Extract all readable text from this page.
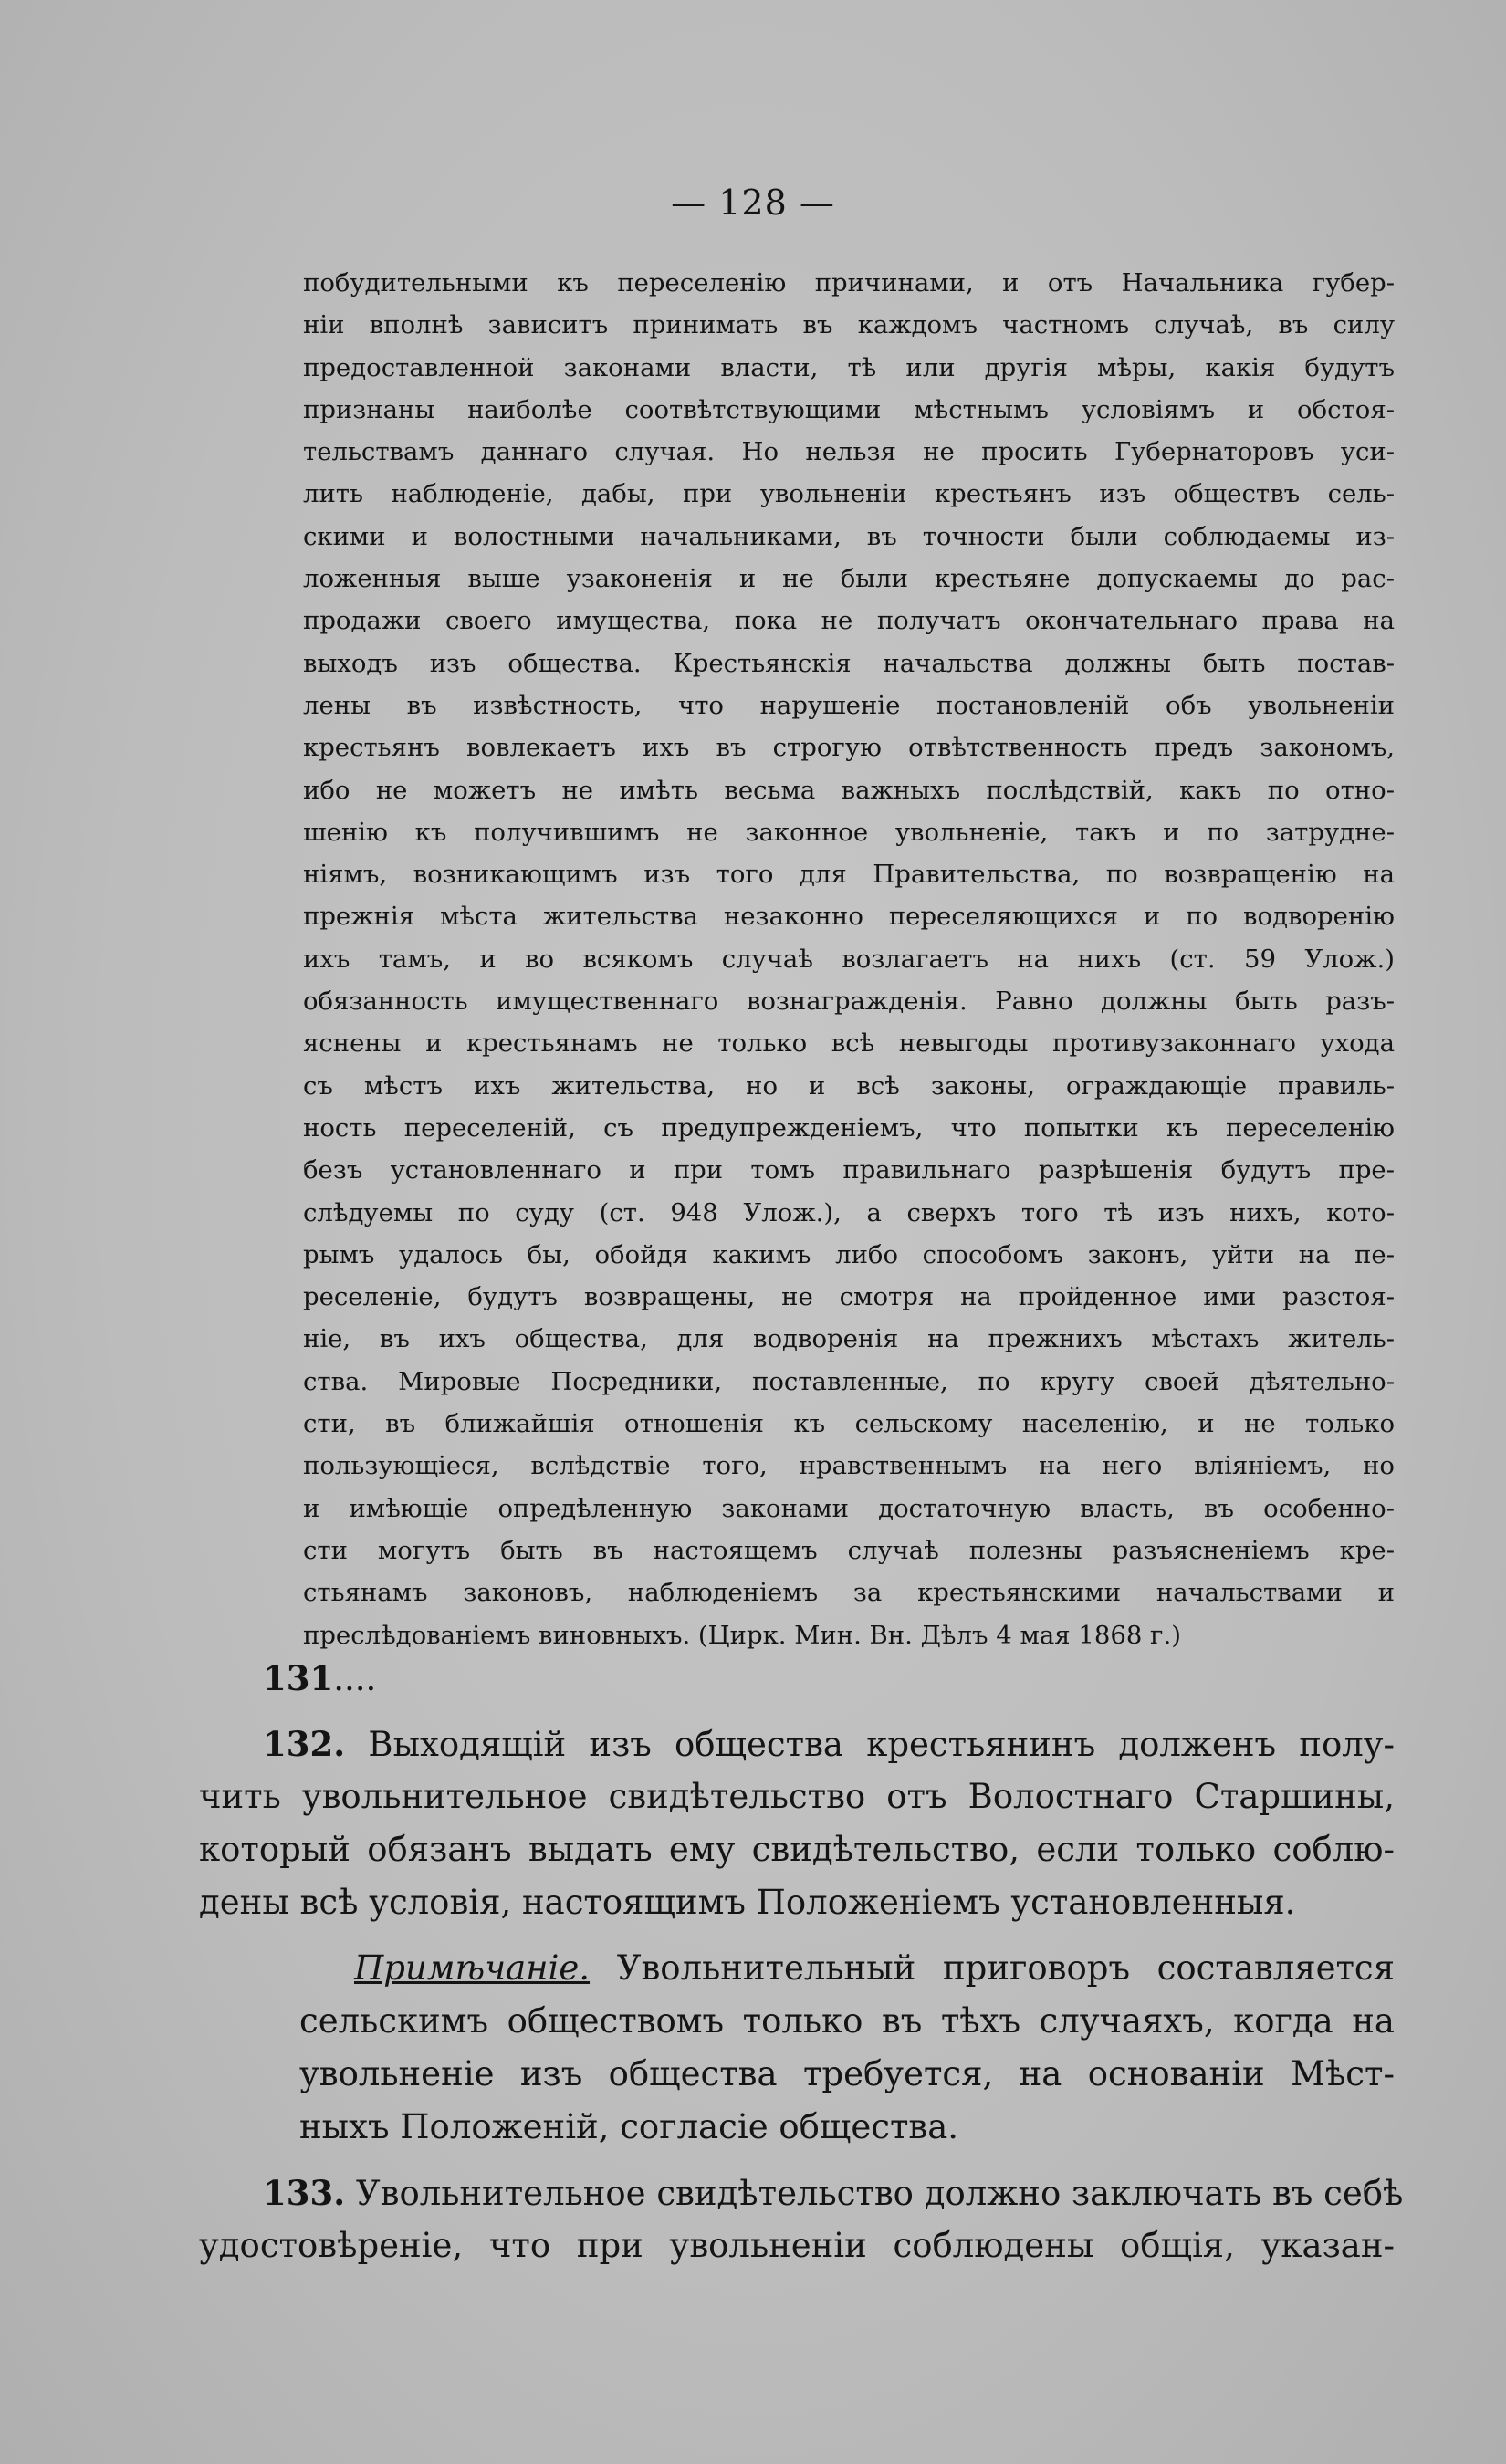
— 128 —
побудительными къ переселенію причинами, и отъ Начальника губер-
ніи вполнѣ зависитъ принимать въ каждомъ частномъ случаѣ, въ силу
предоставленной законами власти, тѣ или другія мѣры, какія будутъ
признаны наиболѣе соотвѣтствующими мѣстнымъ условіямъ и обстоя-
тельствамъ даннаго случая. Но нельзя не просить Губернаторовъ уси-
лить наблюденіе, дабы, при увольненіи крестьянъ изъ обществъ сель-
скими и волостными начальниками, въ точности были соблюдаемы из-
ложенныя выше узаконенія и не были крестьяне допускаемы до рас-
продажи своего имущества, пока не получатъ окончательнаго права на
выходъ изъ общества. Крестьянскія начальства должны быть постав-
лены въ извѣстность, что нарушеніе постановленій объ увольненіи
крестьянъ вовлекаетъ ихъ въ строгую отвѣтственность предъ закономъ,
ибо не можетъ не имѣть весьма важныхъ послѣдствій, какъ по отно-
шенію къ получившимъ не законное увольненіе, такъ и по затрудне-
ніямъ, возникающимъ изъ того для Правительства, по возвращенію на
прежнія мѣста жительства незаконно переселяющихся и по водворенію
ихъ тамъ, и во всякомъ случаѣ возлагаетъ на нихъ (ст. 59 Улож.)
обязанность имущественнаго вознагражденія. Равно должны быть разъ-
яснены и крестьянамъ не только всѣ невыгоды противузаконнаго ухода
съ мѣстъ ихъ жительства, но и всѣ законы, ограждающіе правиль-
ность переселеній, съ предупрежденіемъ, что попытки къ переселенію
безъ установленнаго и при томъ правильнаго разрѣшенія будутъ пре-
слѣдуемы по суду (ст. 948 Улож.), а сверхъ того тѣ изъ нихъ, кото-
рымъ удалось бы, обойдя какимъ либо способомъ законъ, уйти на пе-
реселеніе, будутъ возвращены, не смотря на пройденное ими разстоя-
ніе, въ ихъ общества, для водворенія на прежнихъ мѣстахъ житель-
ства. Мировые Посредники, поставленные, по кругу своей дѣятельно-
сти, въ ближайшія отношенія къ сельскому населенію, и не только
пользующіеся, вслѣдствіе того, нравственнымъ на него вліяніемъ, но
и имѣющіе опредѣленную законами достаточную власть, въ особенно-
сти могутъ быть въ настоящемъ случаѣ полезны разъясненіемъ кре-
стьянамъ законовъ, наблюденіемъ за крестьянскими начальствами и
преслѣдованіемъ виновныхъ. (Цирк. Мин. Вн. Дѣлъ 4 мая 1868 г.)
131....
132. Выходящій изъ общества крестьянинъ долженъ полу-
чить увольнительное свидѣтельство отъ Волостнаго Старшины,
который обязанъ выдать ему свидѣтельство, если только соблю-
дены всѣ условія, настоящимъ Положеніемъ установленныя.
Примѣчаніе. Увольнительный приговоръ составляется
сельскимъ обществомъ только въ тѣхъ случаяхъ, когда на
увольненіе изъ общества требуется, на основаніи Мѣст-
ныхъ Положеній, согласіе общества.
133. Увольнительное свидѣтельство должно заключать въ себѣ
удостовѣреніе, что при увольненіи соблюдены общія, указан-
